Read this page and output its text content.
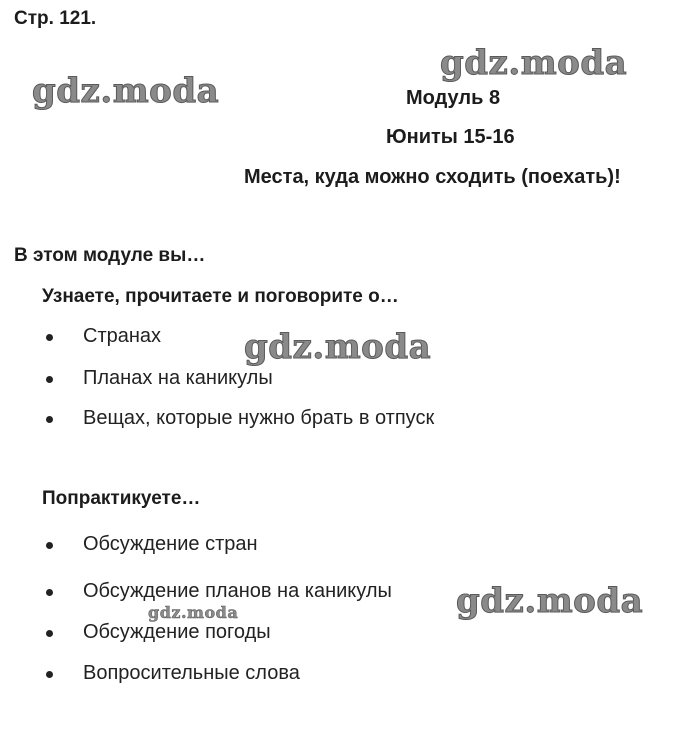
gdz.moda
gdz.moda
gdz.moda
gdz.moda
gdz.moda
Стр. 121.
Модуль 8
Юниты 15-16
Места, куда можно сходить (поехать)!
В этом модуле вы…
Узнаете, прочитаете и поговорите о…
Странах
Планах на каникулы
Вещах, которые нужно брать в отпуск
Попрактикуете…
Обсуждение стран
Обсуждение планов на каникулы
Обсуждение погоды
Вопросительные слова
